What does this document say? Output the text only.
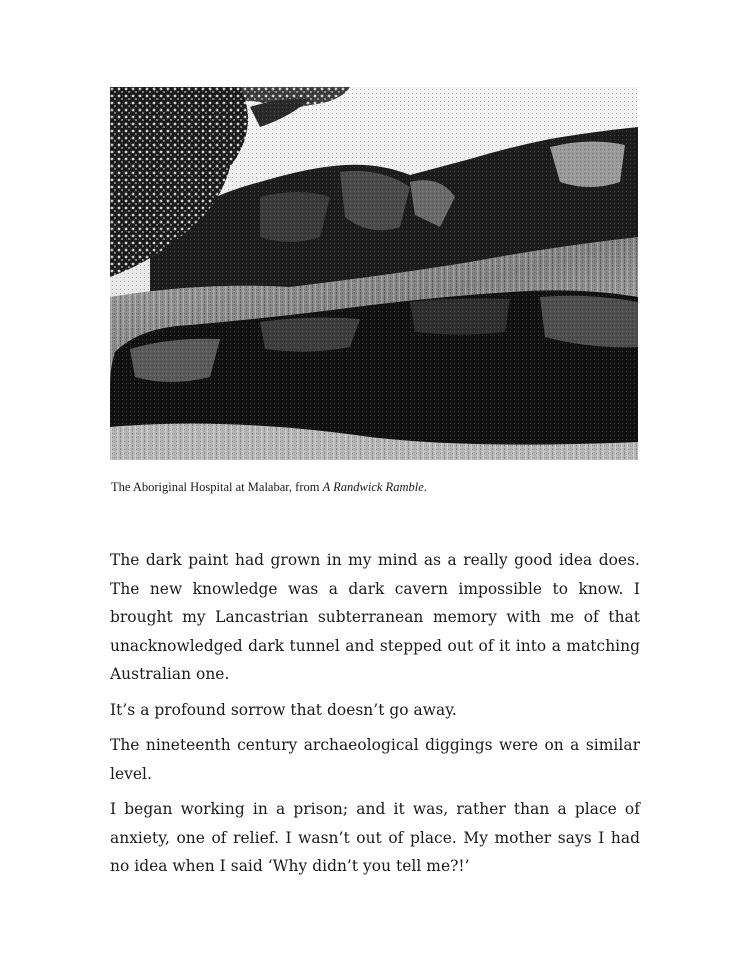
The Aboriginal Hospital at Malabar, from A Randwick Ramble.

The dark paint had grown in my mind as a really good idea does. The new knowledge was a dark cavern impossible to know. I brought my Lancastrian subterranean memory with me of that unacknowledged dark tunnel and stepped out of it into a matching Australian one.

It’s a profound sorrow that doesn’t go away.

The nineteenth century archaeological diggings were on a similar level.

I began working in a prison; and it was, rather than a place of anxiety, one of relief. I wasn’t out of place. My mother says I had no idea when I said ‘Why didn’t you tell me?!’
